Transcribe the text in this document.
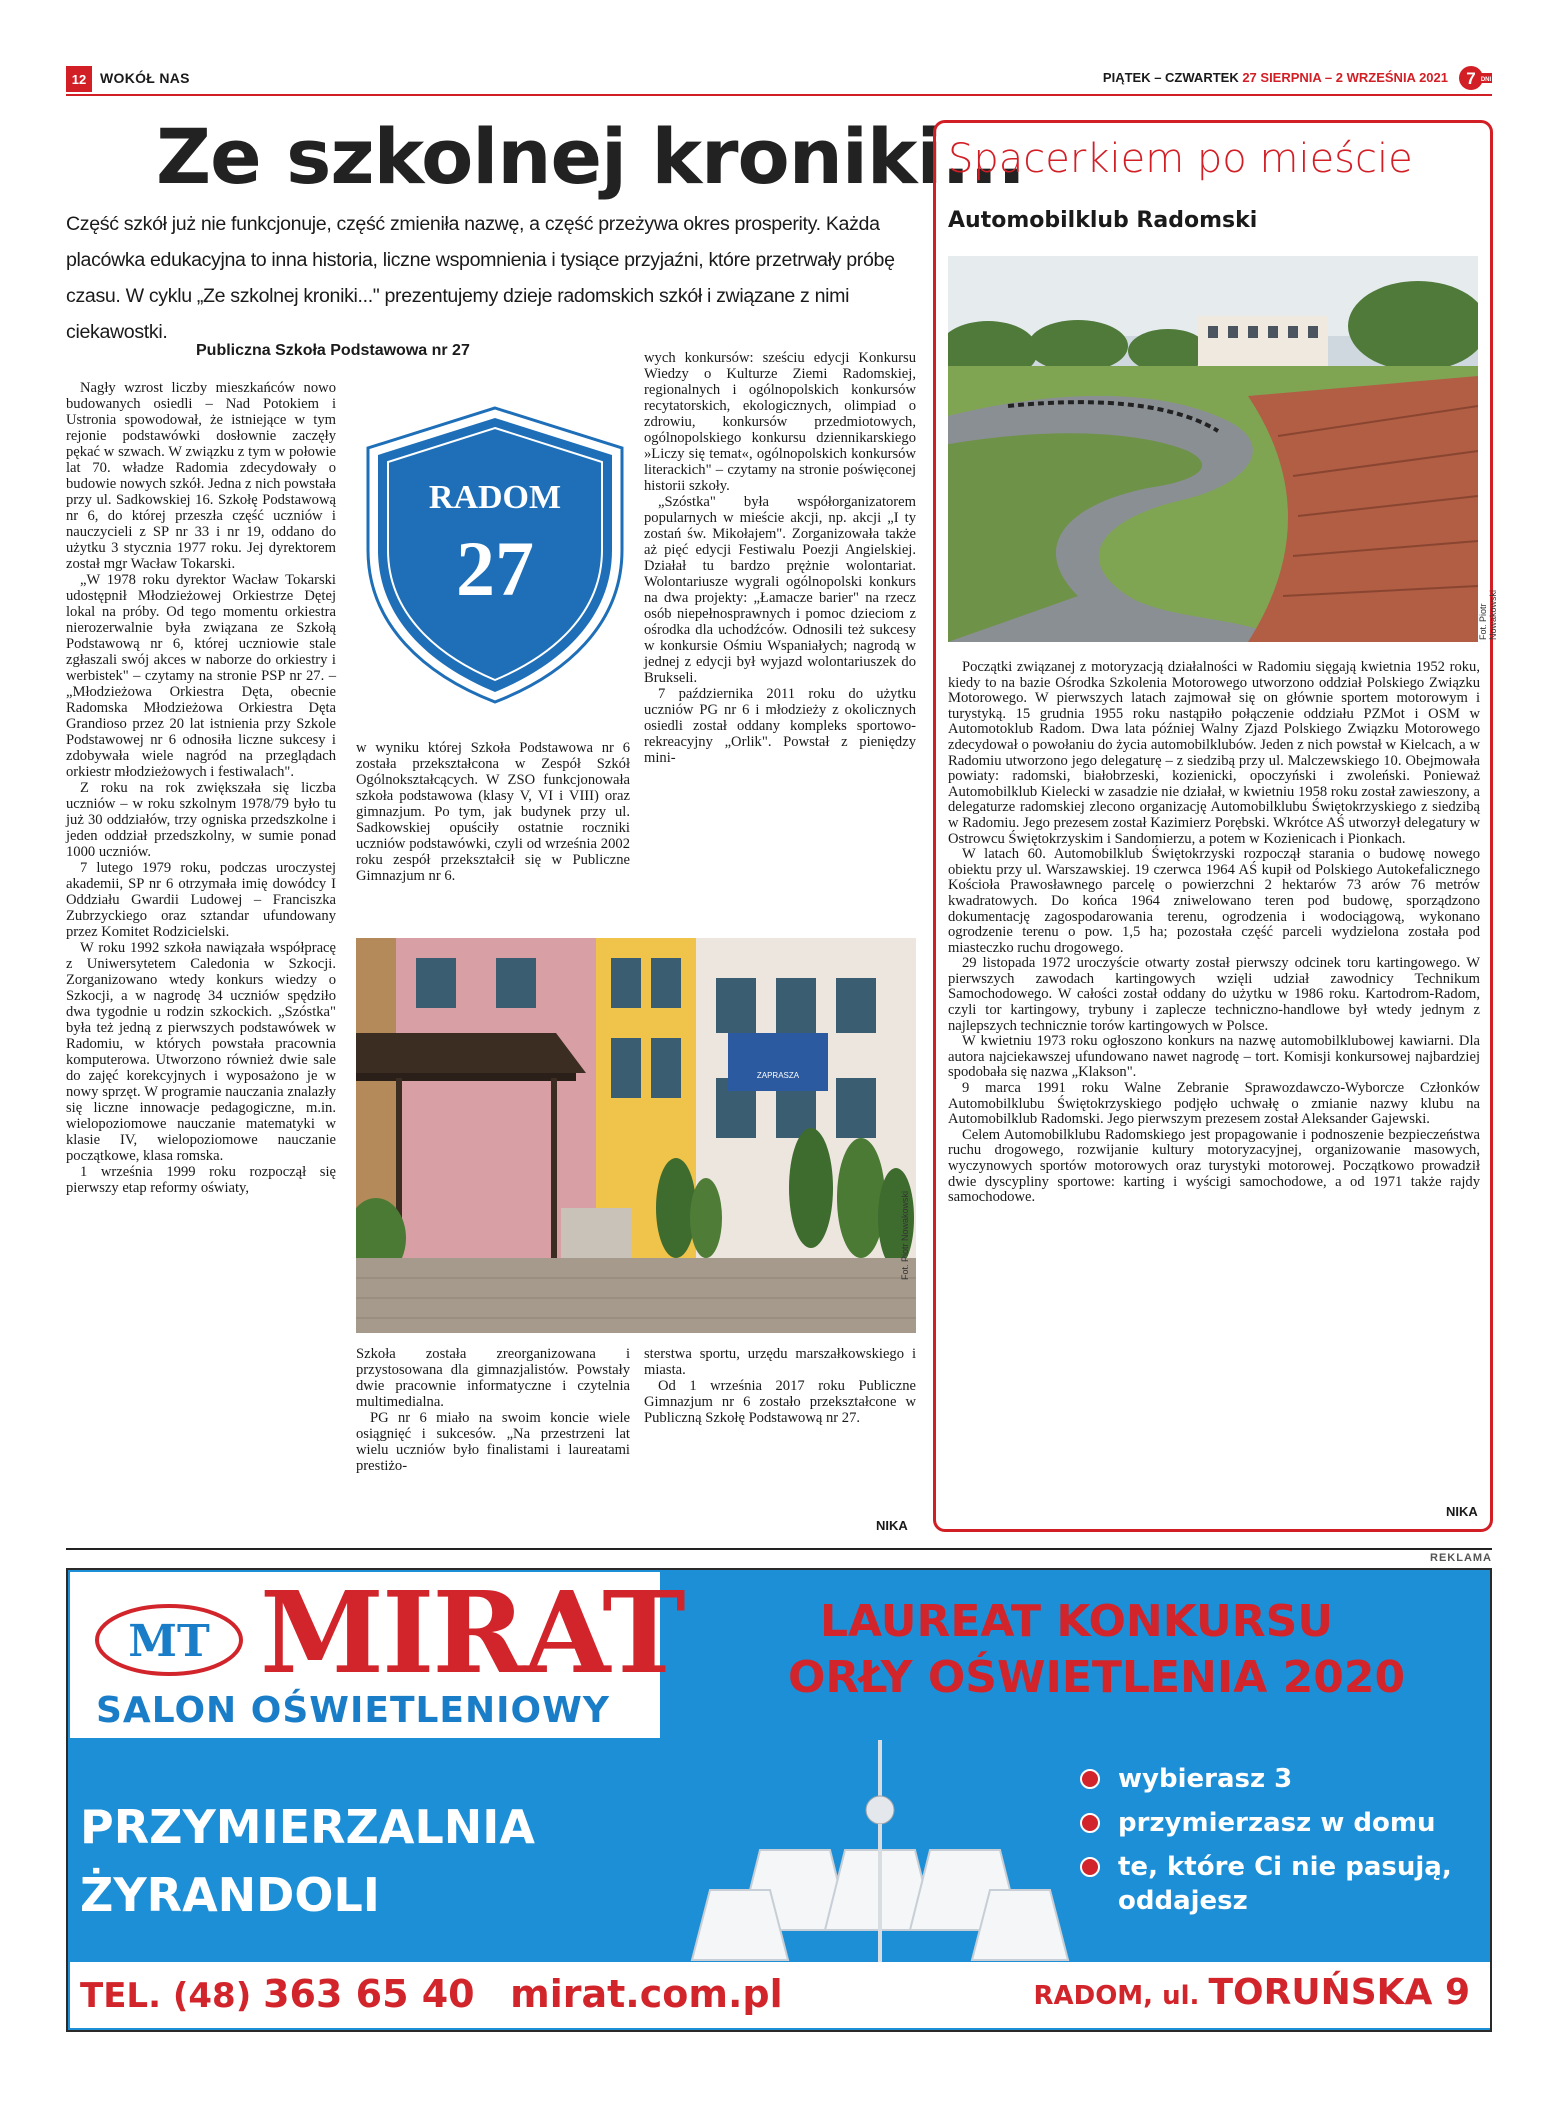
12 WOKÓŁ NAS	PIĄTEK – CZWARTEK 27 SIERPNIA – 2 WRZEŚNIA 2021 7 DNI
Ze szkolnej kroniki...

Część szkół już nie funkcjonuje, część zmieniła nazwę, a część przeżywa okres prosperity. Każda placówka edukacyjna to inna historia, liczne wspomnienia i tysiące przyjaźni, które przetrwały próbę czasu. W cyklu „Ze szkolnej kroniki..." prezentujemy dzieje radomskich szkół i związane z nimi ciekawostki.

Publiczna Szkoła Podstawowa nr 27

Nagły wzrost liczby mieszkańców nowo budowanych osiedli – Nad Potokiem i Ustronia spowodował, że istniejące w tym rejonie podstawówki dosłownie zaczęły pękać w szwach. W związku z tym w połowie lat 70. władze Radomia zdecydowały o budowie nowych szkół. Jedna z nich powstała przy ul. Sadkowskiej 16. Szkołę Podstawową nr 6, do której przeszła część uczniów i nauczycieli z SP nr 33 i nr 19, oddano do użytku 3 stycznia 1977 roku. Jej dyrektorem został mgr Wacław Tokarski.

„W 1978 roku dyrektor Wacław Tokarski udostępnił Młodzieżowej Orkiestrze Dętej lokal na próby. Od tego momentu orkiestra nierozerwalnie była związana ze Szkołą Podstawową nr 6, której uczniowie stale zgłaszali swój akces w naborze do orkiestry i werbistek" – czytamy na stronie PSP nr 27. – „Młodzieżowa Orkiestra Dęta, obecnie Radomska Młodzieżowa Orkiestra Dęta Grandioso przez 20 lat istnienia przy Szkole Podstawowej nr 6 odnosiła liczne sukcesy i zdobywała wiele nagród na przeglądach orkiestr młodzieżowych i festiwalach".

Z roku na rok zwiększała się liczba uczniów – w roku szkolnym 1978/79 było tu już 30 oddziałów, trzy ogniska przedszkolne i jeden oddział przedszkolny, w sumie ponad 1000 uczniów.

7 lutego 1979 roku, podczas uroczystej akademii, SP nr 6 otrzymała imię dowódcy I Oddziału Gwardii Ludowej – Franciszka Zubrzyckiego oraz sztandar ufundowany przez Komitet Rodzicielski.

W roku 1992 szkoła nawiązała współpracę z Uniwersytetem Caledonia w Szkocji. Zorganizowano wtedy konkurs wiedzy o Szkocji, a w nagrodę 34 uczniów spędziło dwa tygodnie u rodzin szkockich. „Szóstka" była też jedną z pierwszych podstawówek w Radomiu, w których powstała pracownia komputerowa. Utworzono również dwie sale do zajęć korekcyjnych i wyposażono je w nowy sprzęt. W programie nauczania znalazły się liczne innowacje pedagogiczne, m.in. wielopoziomowe nauczanie matematyki w klasie IV, wielopoziomowe nauczanie początkowe, klasa romska.

1 września 1999 roku rozpoczął się pierwszy etap reformy oświaty,

RADOM
27

w wyniku której Szkoła Podstawowa nr 6 została przekształcona w Zespół Szkół Ogólnokształcących. W ZSO funkcjonowała szkoła podstawowa (klasy V, VI i VIII) oraz gimnazjum. Po tym, jak budynek przy ul. Sadkowskiej opuściły ostatnie roczniki uczniów podstawówki, czyli od września 2002 roku zespół przekształcił się w Publiczne Gimnazjum nr 6.

wych konkursów: sześciu edycji Konkursu Wiedzy o Kulturze Ziemi Radomskiej, regionalnych i ogólnopolskich konkursów recytatorskich, ekologicznych, olimpiad o zdrowiu, konkursów przedmiotowych, ogólnopolskiego konkursu dziennikarskiego »Liczy się temat«, ogólnopolskich konkursów literackich" – czytamy na stronie poświęconej historii szkoły.

„Szóstka" była współorganizatorem popularnych w mieście akcji, np. akcji „I ty zostań św. Mikołajem". Zorganizowała także aż pięć edycji Festiwalu Poezji Angielskiej. Działał tu bardzo prężnie wolontariat. Wolontariusze wygrali ogólnopolski konkurs na dwa projekty: „Łamacze barier" na rzecz osób niepełnosprawnych i pomoc dzieciom z ośrodka dla uchodźców. Odnosili też sukcesy w konkursie Ośmiu Wspaniałych; nagrodą w jednej z edycji był wyjazd wolontariuszek do Brukseli.

7 października 2011 roku do użytku uczniów PG nr 6 i młodzieży z okolicznych osiedli został oddany kompleks sportowo-rekreacyjny „Orlik". Powstał z pieniędzy mini-

ZAPRASZA
Fot. Piotr Nowakowski

Szkoła została zreorganizowana i przystosowana dla gimnazjalistów. Powstały dwie pracownie informatyczne i czytelnia multimedialna.

PG nr 6 miało na swoim koncie wiele osiągnięć i sukcesów. „Na przestrzeni lat wielu uczniów było finalistami i laureatami prestiżo-

sterstwa sportu, urzędu marszałkowskiego i miasta.

Od 1 września 2017 roku Publiczne Gimnazjum nr 6 zostało przekształcone w Publiczną Szkołę Podstawową nr 27.

NIKA
Spacerkiem po mieście
Automobilklub Radomski
Fot. Piotr Nowakowski

Początki związanej z motoryzacją działalności w Radomiu sięgają kwietnia 1952 roku, kiedy to na bazie Ośrodka Szkolenia Motorowego utworzono oddział Polskiego Związku Motorowego. W pierwszych latach zajmował się on głównie sportem motorowym i turystyką. 15 grudnia 1955 roku nastąpiło połączenie oddziału PZMot i OSM w Automotoklub Radom. Dwa lata później Walny Zjazd Polskiego Związku Motorowego zdecydował o powołaniu do życia automobilklubów. Jeden z nich powstał w Kielcach, a w Radomiu utworzono jego delegaturę – z siedzibą przy ul. Malczewskiego 10. Obejmowała powiaty: radomski, białobrzeski, kozienicki, opoczyński i zwoleński. Ponieważ Automobilklub Kielecki w zasadzie nie działał, w kwietniu 1958 roku został zawieszony, a delegaturze radomskiej zlecono organizację Automobilklubu Świętokrzyskiego z siedzibą w Radomiu. Jego prezesem został Kazimierz Porębski. Wkrótce AŚ utworzył delegatury w Ostrowcu Świętokrzyskim i Sandomierzu, a potem w Kozienicach i Pionkach.

W latach 60. Automobilklub Świętokrzyski rozpoczął starania o budowę nowego obiektu przy ul. Warszawskiej. 19 czerwca 1964 AŚ kupił od Polskiego Autokefalicznego Kościoła Prawosławnego parcelę o powierzchni 2 hektarów 73 arów 76 metrów kwadratowych. Do końca 1964 zniwelowano teren pod budowę, sporządzono dokumentację zagospodarowania terenu, ogrodzenia i wodociągową, wykonano ogrodzenie terenu o pow. 1,5 ha; pozostała część parceli wydzielona została pod miasteczko ruchu drogowego.

29 listopada 1972 uroczyście otwarty został pierwszy odcinek toru kartingowego. W pierwszych zawodach kartingowych wzięli udział zawodnicy Technikum Samochodowego. W całości został oddany do użytku w 1986 roku. Kartodrom-Radom, czyli tor kartingowy, trybuny i zaplecze techniczno-handlowe był wtedy jednym z najlepszych technicznie torów kartingowych w Polsce.

W kwietniu 1973 roku ogłoszono konkurs na nazwę automobilklubowej kawiarni. Dla autora najciekawszej ufundowano nawet nagrodę – tort. Komisji konkursowej najbardziej spodobała się nazwa „Klakson".

9 marca 1991 roku Walne Zebranie Sprawozdawczo-Wyborcze Członków Automobilklubu Świętokrzyskiego podjęło uchwałę o zmianie nazwy klubu na Automobilklub Radomski. Jego pierwszym prezesem został Aleksander Gajewski.

Celem Automobilklubu Radomskiego jest propagowanie i podnoszenie bezpieczeństwa ruchu drogowego, rozwijanie kultury motoryzacyjnej, organizowanie masowych, wyczynowych sportów motorowych oraz turystyki motorowej. Początkowo prowadził dwie dyscypliny sportowe: karting i wyścigi samochodowe, a od 1971 także rajdy samochodowe.

NIKA
REKLAMA
MT MIRAT
SALON OŚWIETLENIOWY
LAUREAT KONKURSU
ORŁY OŚWIETLENIA 2020
PRZYMIERZALNIA
ŻYRANDOLI
wybierasz 3
przymierzasz w domu
te, które Ci nie pasują, oddajesz
TEL. (48) 363 65 40 mirat.com.pl	RADOM, ul. TORUŃSKA 9
